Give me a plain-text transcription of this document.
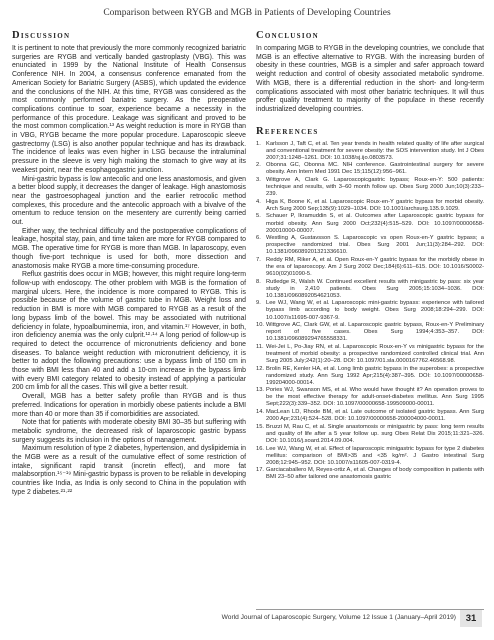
Comparison between RYGB and MGB in Patients of Developing Countries
Discussion

It is pertinent to note that previously the more commonly recognized bariatric surgeries are RYGB and vertically banded gastroplasty (VBG). This was enunciated in 1999 by the National Institute of Health Consensus Conference NIH. In 2004, a consensus conference emanated from the American Society for Bariatric Surgery (ASBS), which updated the evidence and the conclusions of the NIH. At this time, RYGB was considered as the most commonly performed bariatric surgery. As the preoperative complications continue to soar, experience became a necessity in the performance of this procedure. Leakage was significant and proved to be the most common complication.¹³ As weight reduction is more in RYGB than in VBG, RYGB became the more popular procedure. Laparoscopic sleeve gastrectomy (LSG) is also another popular technique and has its drawback. The incidence of leaks was even higher in LSG because the intraluminal pressure in the sleeve is very high making the stomach to give way at its weakest point, near the esophagogastric junction.

Mini-gastric bypass is low antecolic and one less anastomosis, and given a better blood supply, it decreases the danger of leakage. High anastomosis near the gastroesophageal junction and the earlier retrocolic method complexes, this procedure and the antecolic approach with a bivalve of the omentum to reduce tension on the mesentery are currently being carried out.

Either way, the technical difficulty and the postoperative complications of leakage, hospital stay, pain, and time taken are more for RYGB compared to MGB. The operative time for RYGB is more than MGB. In laparoscopy, even though five-port technique is used for both, more dissection and anastomosis make RYGB a more time-consuming procedure.

Reflux gastritis does occur in MGB; however, this might require long-term follow-up with endoscopy. The other problem with MGB is the formation of marginal ulcers. Here, the incidence is more compared to RYGB. This is possible because of the volume of gastric tube in MGB. Weight loss and reduction in BMI is more with MGB compared to RYGB as a result of the long bypass limb of the bowel. This may be associated with nutritional deficiency in folate, hypoalbuminemia, iron, and vitamin.¹⁷ However, in both, iron deficiency anemia was the only culprit.¹²·¹⁴ A long period of follow-up is required to detect the occurrence of micronutrients deficiency and bone diseases. To balance weight reduction with micronutrient deficiency, it is better to adopt the following precautions: use a bypass limb of 150 cm in those with BMI less than 40 and add a 10-cm increase in the bypass limb with every BMI category related to obesity instead of applying a particular 200 cm limb for all the cases. This will give a better result.

Overall, MGB has a better safety profile than RYGB and is thus preferred. Indications for operation in morbidly obese patients include a BMI more than 40 or more than 35 if comorbidities are associated.

Note that for patients with moderate obesity BMI 30–35 but suffering with metabolic syndrome, the decreased risk of laparoscopic gastric bypass surgery suggests its inclusion in the options of management.

Maximum resolution of type 2 diabetes, hypertension, and dyslipidemia in the MGB were as a result of the cumulative effect of some restriction of intake, significant rapid transit (incretin effect), and more fat malabsorption.¹⁵⁻¹⁹ Mini-gastric bypass is proven to be reliable in developing countries like India, as India is only second to China in the population with type 2 diabetes.²¹·²²

Conclusion

In comparing MGB to RYGB in the developing countries, we conclude that MGB is an effective alternative to RYGB. With the increasing burden of obesity in these countries, MGB is a simpler and safer approach toward weight reduction and control of obesity associated metabolic syndrome. With MGB, there is a differential reduction in the short- and long-term complications associated with most other bariatric techniques. It will thus proffer quality treatment to majority of the populace in these recently industrialized developing countries.

References
1. Karlsson J, Taft C, et al. Ten year trends in health related quality of life after surgical and conventional treatment for severe obesity: the SOS intervention study. Int J Obes 2007;31:1248–1261. DOI: 10.1038/sj.ijo.0803573.
2. Obonna GC, Obonna MC. NIH conference. Gastrointestinal surgery for severe obesity. Ann Intern Med 1991 Dec 15;115(12):956–961.
3. Wittgrove A, Clark G. Laparoscopicgastric bypass; Roux-en-Y: 500 patients: technique and results, with 3–60 month follow up. Obes Surg 2000 Jun;10(3):233–239.
4. Higa K, Boone K, et al. Laparoscopic Roux-en-Y gastric bypass for morbid obesity. Arch Surg 2000 Sep;135(9):1029–1034. DOI: 10.1001/archsurg.135.9.1029.
5. Schauer P, Ikramuddin S, et al. Outcomes after Laparoscopic gastric bypass for morbid obesity. Ann Surg 2000 Oct;232(4):515–529. DOI: 10.1097/00000658-200010000-00007.
6. Westling A, Gustavsson S. Laparoscopic vs open Roux-en-Y gastric bypass; a prospective randomized trial. Obes Surg 2001 Jun;11(3):284–292. DOI: 10.1381/096089201321336610.
7. Reddy RM, Riker A, et al. Open Roux-en-Y gastric bypass for the morbidly obese in the era of laparoscopy. Am J Surg 2002 Dec;184(6):611–615. DOI: 10.1016/S0002-9610(02)01090-5.
8. Rutledge R, Walsh W. Continued excellent results with minigastric by pass: six year study in 2,410 patients. Obes Surg 2005;15:1034–1036. DOI: 10.1381/0960892054621053.
9. Lee WJ, Wang W, et al. Laparoscopic mini-gastric bypass: experience with tailored bypass limb according to body weight. Obes Surg 2008;18:294–299. DOI: 10.1007/s11695-007-9367-9.
10. Wittgrove AC, Clark GW, et al. Laparoscopic gastric bypass, Roux-en-Y Preliminary report of five cases. Obes Surg 1994;4:353–357. DOI: 10.1381/096089294765558331.
11. Wei-Jei L, Po-Jiay RN, et al. Laparoscopic Roux-en-Y vs minigastric bypass for the treatment of morbid obesity: a prospective randomized controlled clinical trial. Ann Surg 2005 July;242(1):20–28. DOI: 10.1097/01.sla.0000167762.46568.98.
12. Brolin RE, Kenler HA, et al. Long limb gastric bypass in the superobes: a prospective randomized study. Ann Surg 1992 Apr;215(4):387–395. DOI: 10.1097/00000658-199204000-00014.
13. Pories WJ, Swanson MS, et al. Who would have thought it? An operation proves to be the most effective therapy for adult-onset-diabetes mellitus. Ann Surg 1995 Sept;222(3):339–352. DOI: 10.1097/00000658-199509000-00011.
14. MacLean LD, Rhode BM, et al. Late outcome of isolated gastric bypass. Ann Surg 2000 Apr;231(4):524–528. DOI: 10.1097/00000658-200004000-00011.
15. Bruzzi M, Rau C, et al. Single anastomosis or minigastric by pass: long term results and quality of life after a 5 year follow up. surg Obes Relat Dis 2015;11:321–326. DOI: 10.1016/j.soard.2014.09.004.
16. Lee WJ, Wang W, et al. Effect of laparoscopic minigastric bypass for type 2 diabetes mellitus: comparison of BMI>35 and <35 kg/m². J Gastro intestinal Surg 2008;12:945–952. DOI: 10.1007/s11605-007-0319-4.
17. Garciacaballero M, Reyes-ortiz A, et al. Changes of body composition in patients with BMI 23–50 after tailored one anastomosis gastric
World Journal of Laparoscopic Surgery, Volume 12 Issue 1 (January–April 2019)	31
